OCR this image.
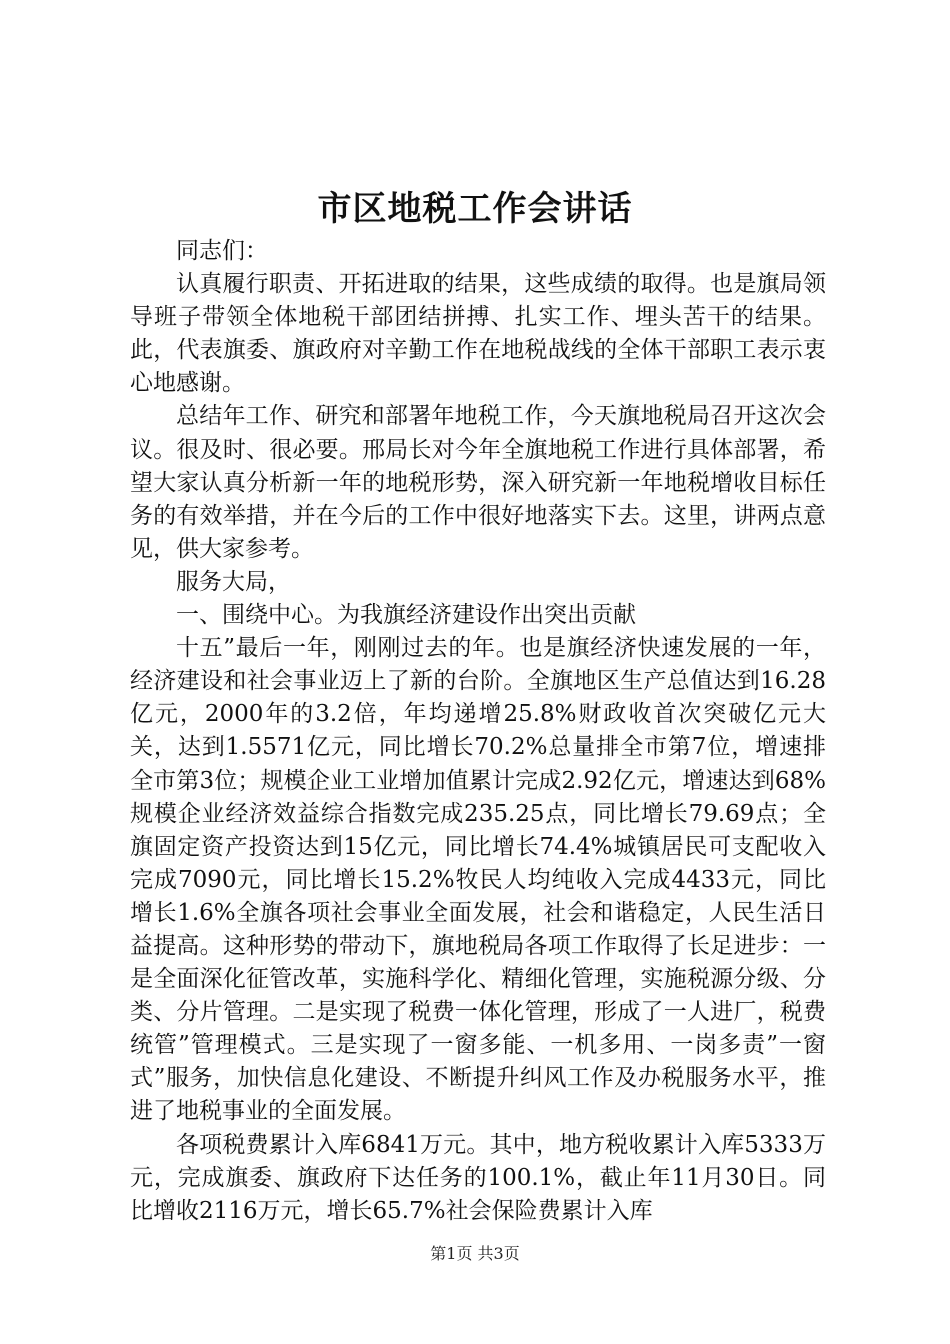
市区地税工作会讲话

同志们：

认真履行职责、开拓进取的结果，这些成绩的取得。也是旗局领导班子带领全体地税干部团结拼搏、扎实工作、埋头苦干的结果。此，代表旗委、旗政府对辛勤工作在地税战线的全体干部职工表示衷心地感谢。

总结年工作、研究和部署年地税工作，今天旗地税局召开这次会议。很及时、很必要。邢局长对今年全旗地税工作进行具体部署，希望大家认真分析新一年的地税形势，深入研究新一年地税增收目标任务的有效举措，并在今后的工作中很好地落实下去。这里，讲两点意见，供大家参考。

服务大局，

一、围绕中心。为我旗经济建设作出突出贡献

十五”最后一年，刚刚过去的年。也是旗经济快速发展的一年，经济建设和社会事业迈上了新的台阶。全旗地区生产总值达到16.28亿元，2000年的3.2倍，年均递增25.8%财政收首次突破亿元大关，达到1.5571亿元，同比增长70.2%总量排全市第7位，增速排全市第3位；规模企业工业增加值累计完成2.92亿元，增速达到68%规模企业经济效益综合指数完成235.25点，同比增长79.69点；全旗固定资产投资达到15亿元，同比增长74.4%城镇居民可支配收入完成7090元，同比增长15.2%牧民人均纯收入完成4433元，同比增长1.6%全旗各项社会事业全面发展，社会和谐稳定，人民生活日益提高。这种形势的带动下，旗地税局各项工作取得了长足进步：一是全面深化征管改革，实施科学化、精细化管理，实施税源分级、分类、分片管理。二是实现了税费一体化管理，形成了一人进厂，税费统管”管理模式。三是实现了一窗多能、一机多用、一岗多责”一窗式”服务，加快信息化建设、不断提升纠风工作及办税服务水平，推进了地税事业的全面发展。

各项税费累计入库6841万元。其中，地方税收累计入库5333万元，完成旗委、旗政府下达任务的100.1%，截止年11月30日。同比增收2116万元，增长65.7%社会保险费累计入库

第1页 共3页
